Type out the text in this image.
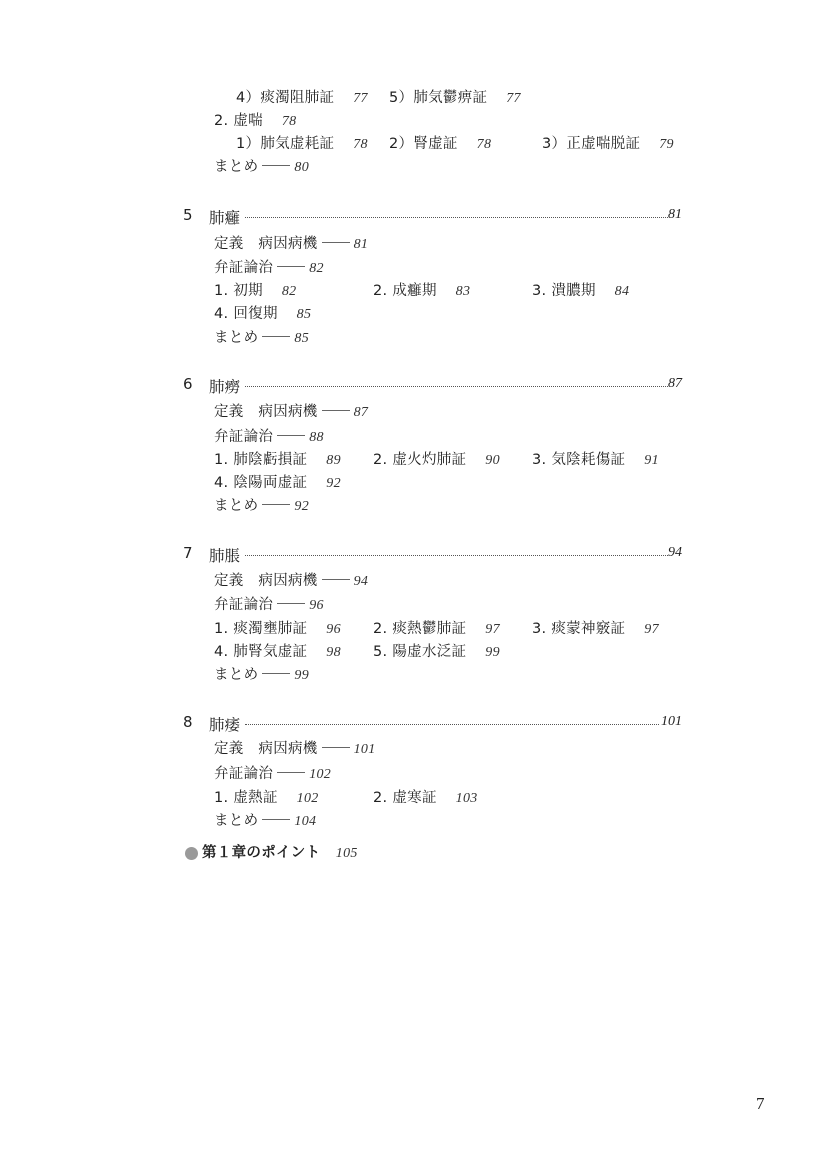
4）痰濁阻肺証 77 5）肺気鬱痹証 77
2. 虚喘 78
1）肺気虚耗証 78 2）腎虚証 78	3）正虚喘脱証 79
まとめ	80
5 肺癰	81
定義　病因病機	81
弁証論治	82
1. 初期 82	2. 成癰期 83	3. 潰膿期 84
4. 回復期 85
まとめ	85
6 肺癆	87
定義　病因病機	87
弁証論治	88
1. 肺陰虧損証 89 2. 虚火灼肺証 90 3. 気陰耗傷証 91
4. 陰陽両虚証 92
まとめ	92
7 肺脹	94
定義　病因病機	94
弁証論治	96
1. 痰濁壅肺証 96 2. 痰熱鬱肺証 97 3. 痰蒙神竅証 97
4. 肺腎気虚証 98 5. 陽虚水泛証 99
まとめ	99
8 肺痿	101
定義　病因病機	101
弁証論治	102
1. 虚熱証 102	2. 虚寒証 103
まとめ	104
第１章のポイント 105
7
